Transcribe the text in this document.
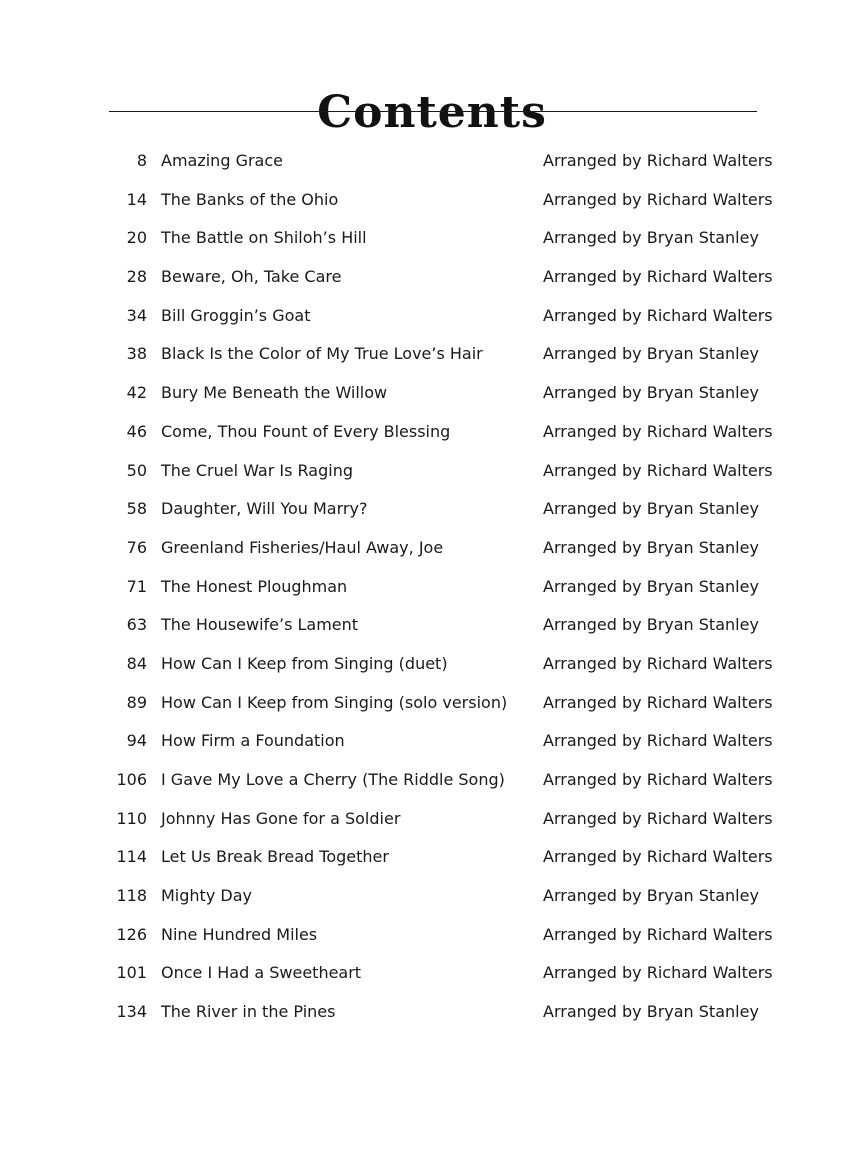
Contents
8 Amazing Grace	Arranged by Richard Walters
14 The Banks of the Ohio	Arranged by Richard Walters
20 The Battle on Shiloh’s Hill	Arranged by Bryan Stanley
28 Beware, Oh, Take Care	Arranged by Richard Walters
34 Bill Groggin’s Goat	Arranged by Richard Walters
38 Black Is the Color of My True Love’s Hair	Arranged by Bryan Stanley
42 Bury Me Beneath the Willow	Arranged by Bryan Stanley
46 Come, Thou Fount of Every Blessing	Arranged by Richard Walters
50 The Cruel War Is Raging	Arranged by Richard Walters
58 Daughter, Will You Marry?	Arranged by Bryan Stanley
76 Greenland Fisheries/Haul Away, Joe	Arranged by Bryan Stanley
71 The Honest Ploughman	Arranged by Bryan Stanley
63 The Housewife’s Lament	Arranged by Bryan Stanley
84 How Can I Keep from Singing (duet)	Arranged by Richard Walters
89 How Can I Keep from Singing (solo version) Arranged by Richard Walters
94 How Firm a Foundation	Arranged by Richard Walters
106 I Gave My Love a Cherry (The Riddle Song) Arranged by Richard Walters
110 Johnny Has Gone for a Soldier	Arranged by Richard Walters
114 Let Us Break Bread Together	Arranged by Richard Walters
118 Mighty Day	Arranged by Bryan Stanley
126 Nine Hundred Miles	Arranged by Richard Walters
101 Once I Had a Sweetheart	Arranged by Richard Walters
134 The River in the Pines	Arranged by Bryan Stanley
